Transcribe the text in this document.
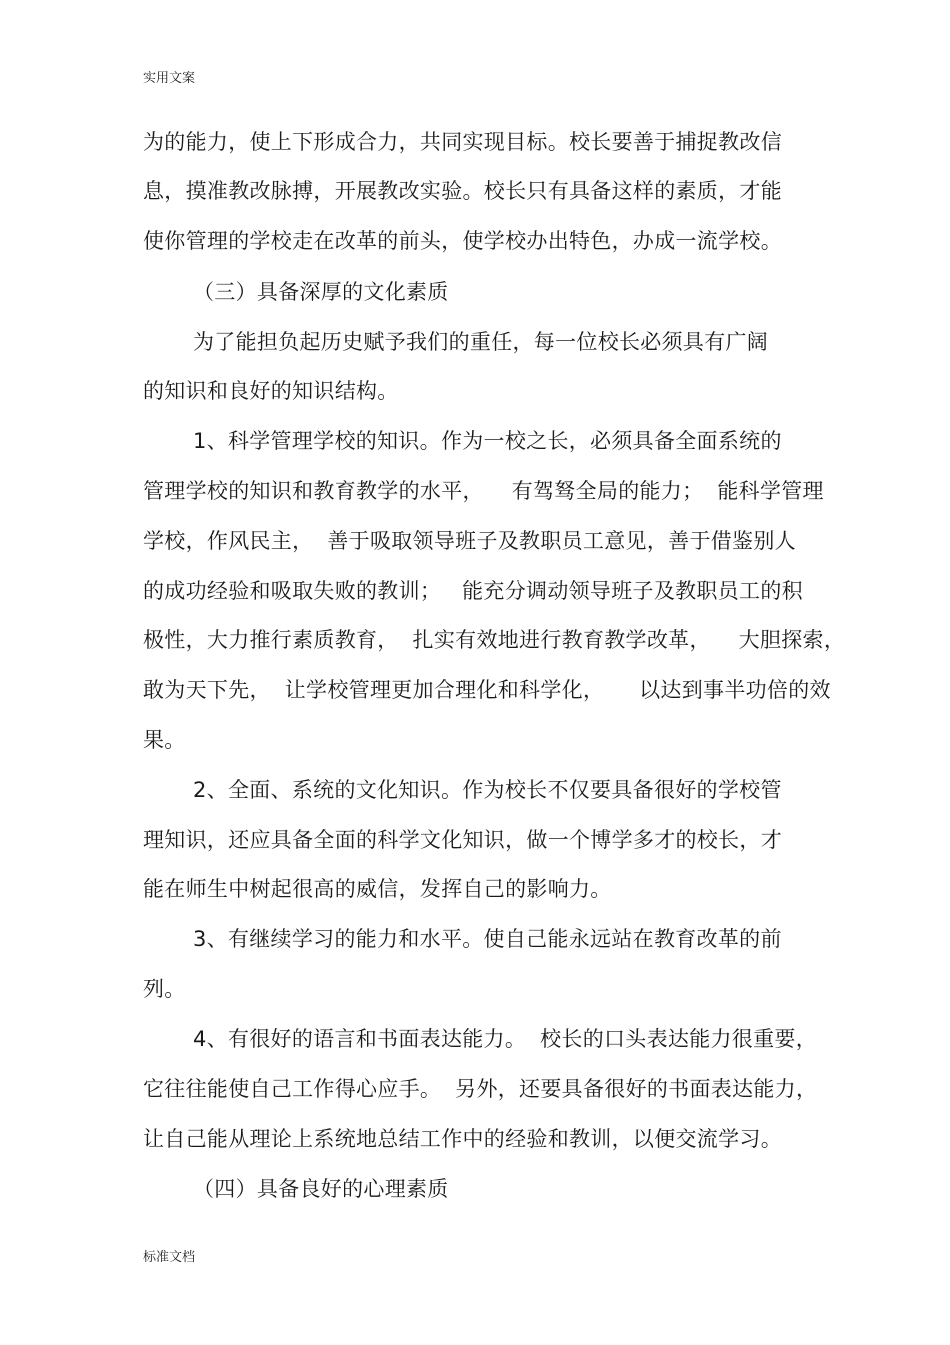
实用文案
为的能力，使上下形成合力，共同实现目标。校长要善于捕捉教改信
息，摸准教改脉搏，开展教改实验。校长只有具备这样的素质，才能
使你管理的学校走在改革的前头，使学校办出特色，办成一流学校。
（三）具备深厚的文化素质
为了能担负起历史赋予我们的重任，每一位校长必须具有广阔
的知识和良好的知识结构。
1、科学管理学校的知识。作为一校之长，必须具备全面系统的
管理学校的知识和教育教学的水平，    有驾驽全局的能力；  能科学管理
学校，作风民主，  善于吸取领导班子及教职员工意见，善于借鉴别人
的成功经验和吸取失败的教训；   能充分调动领导班子及教职员工的积
极性，大力推行素质教育，  扎实有效地进行教育教学改革，    大胆探索，
敢为天下先，  让学校管理更加合理化和科学化，     以达到事半功倍的效
果。
2、全面、系统的文化知识。作为校长不仅要具备很好的学校管
理知识，还应具备全面的科学文化知识，做一个博学多才的校长，才
能在师生中树起很高的威信，发挥自己的影响力。
3、有继续学习的能力和水平。使自己能永远站在教育改革的前
列。
4、有很好的语言和书面表达能力。  校长的口头表达能力很重要，
它往往能使自己工作得心应手。  另外，还要具备很好的书面表达能力，
让自己能从理论上系统地总结工作中的经验和教训，以便交流学习。
（四）具备良好的心理素质
标准文档
